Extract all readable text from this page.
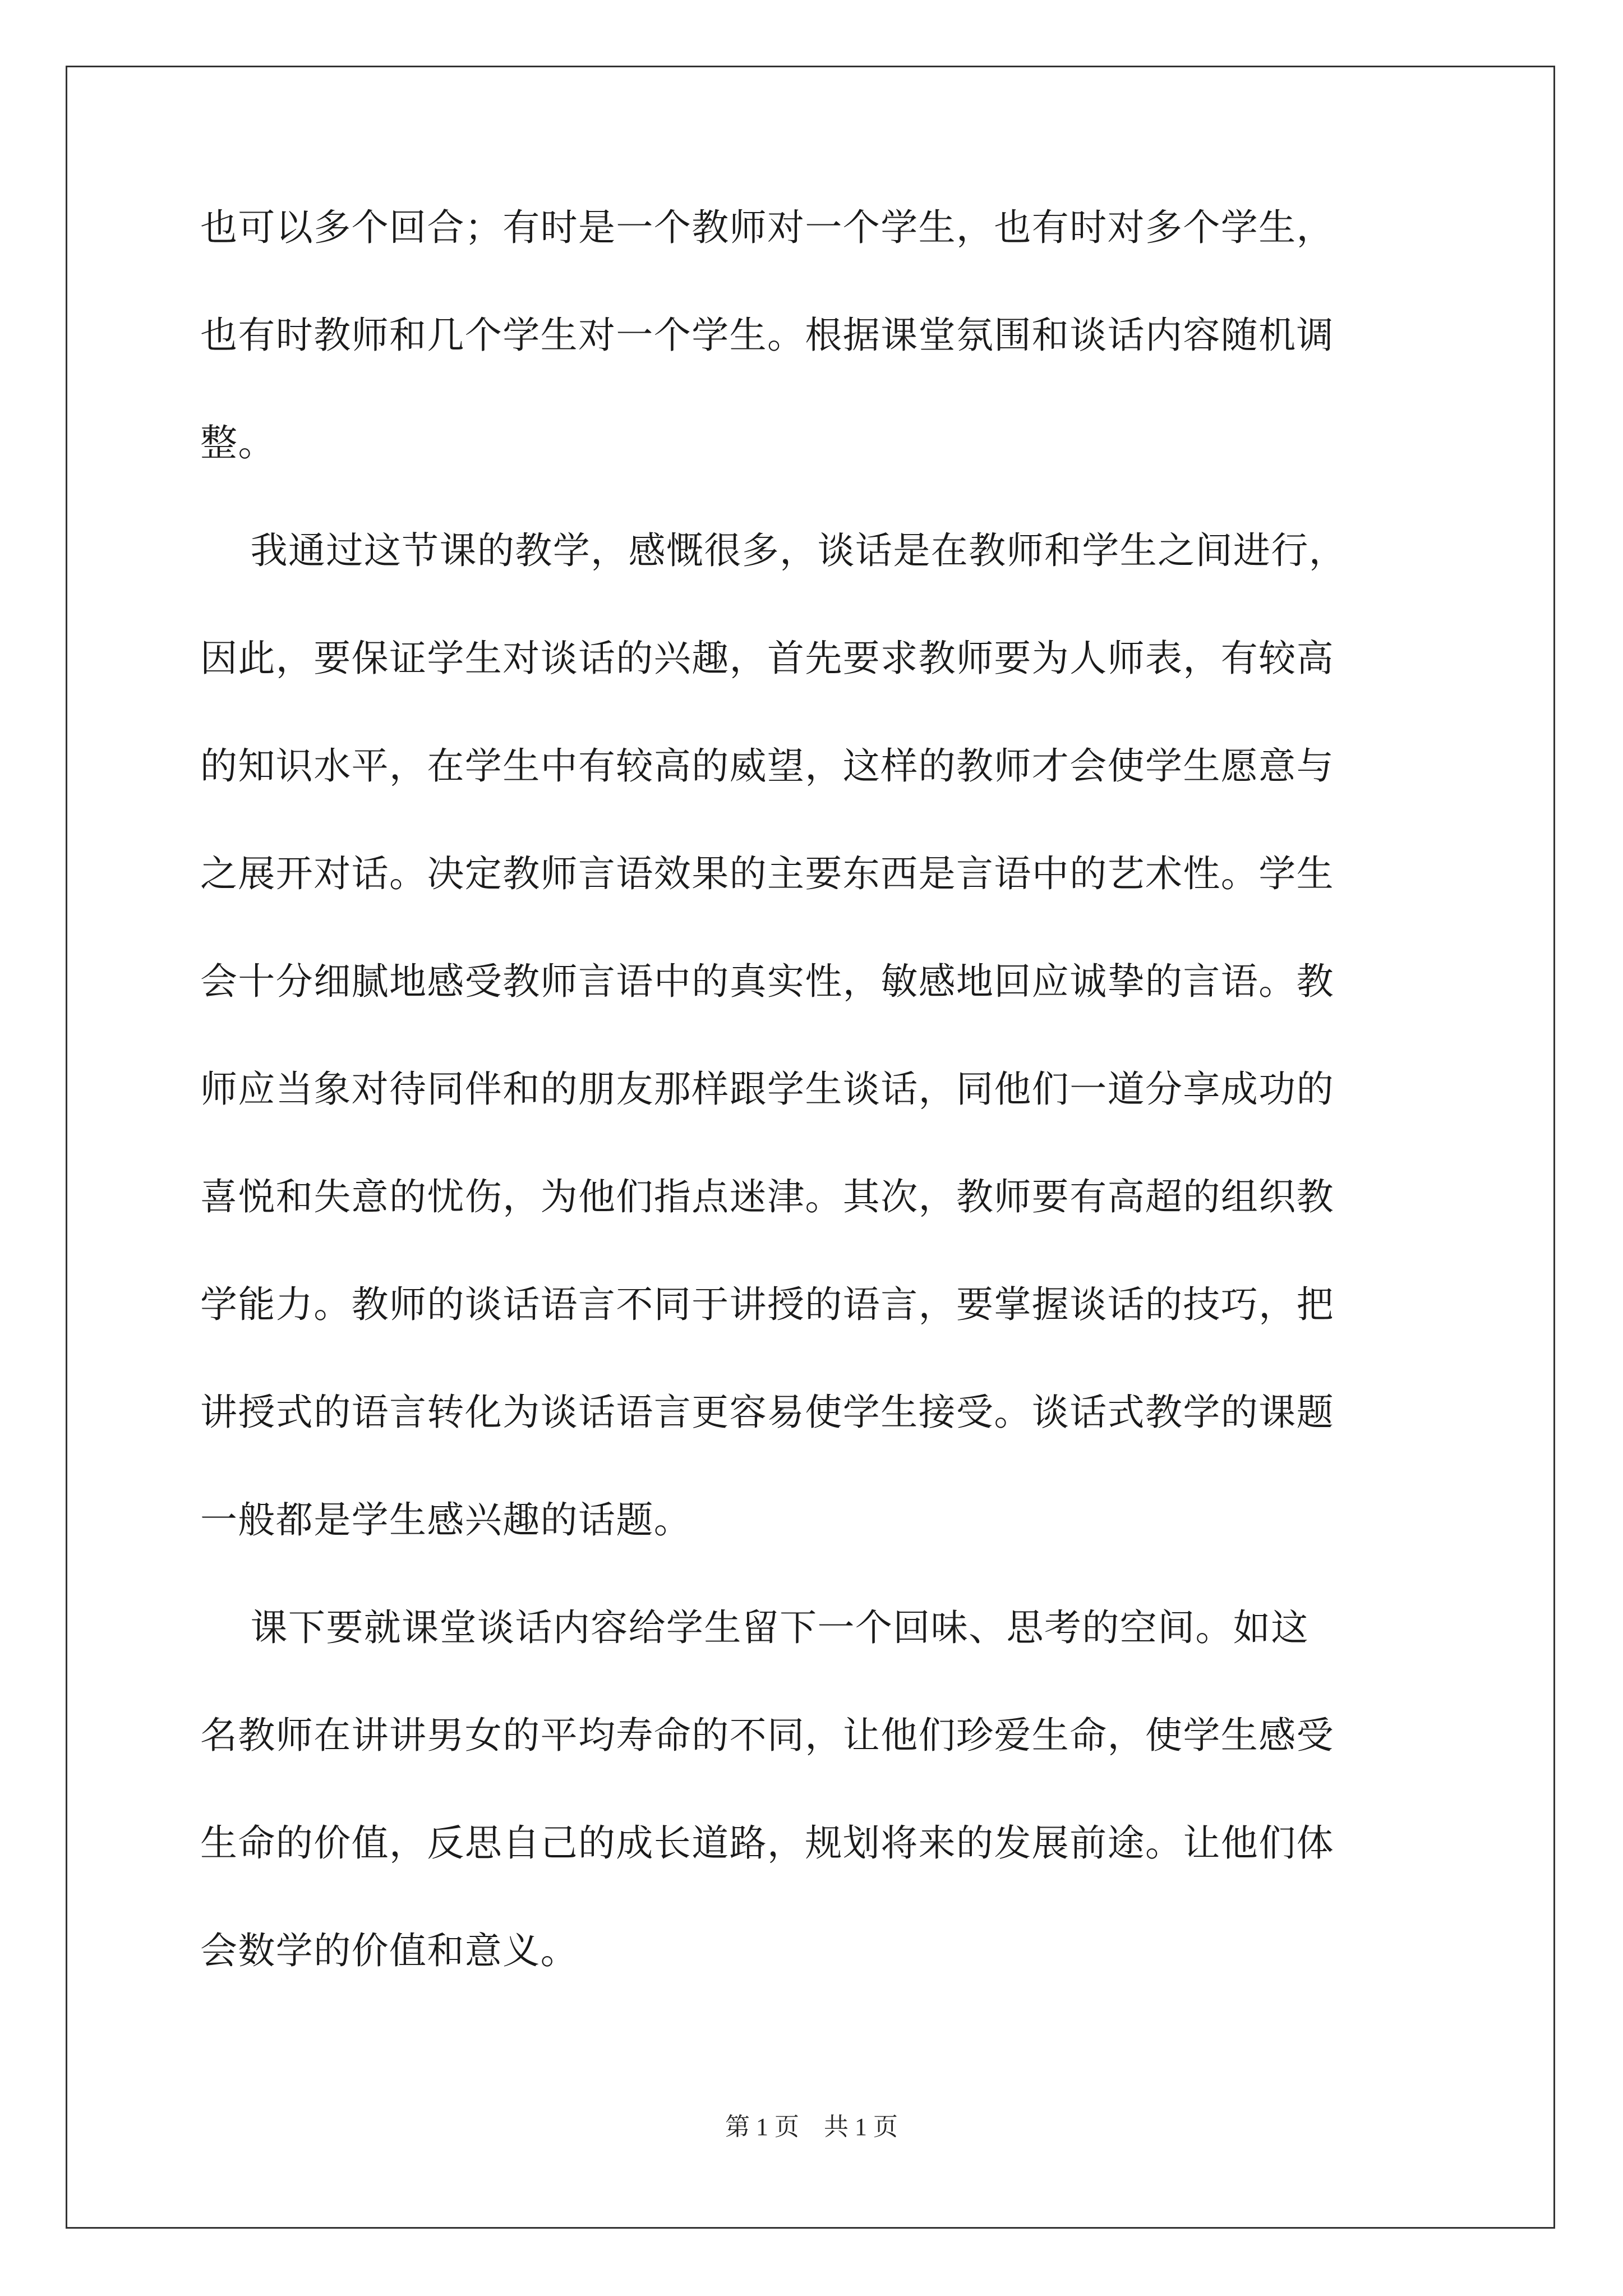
也可以多个回合；有时是一个教师对一个学生，也有时对多个学生，
也有时教师和几个学生对一个学生。根据课堂氛围和谈话内容随机调
整。
我通过这节课的教学，感慨很多，谈话是在教师和学生之间进行，
因此，要保证学生对谈话的兴趣，首先要求教师要为人师表，有较高
的知识水平，在学生中有较高的威望，这样的教师才会使学生愿意与
之展开对话。决定教师言语效果的主要东西是言语中的艺术性。学生
会十分细腻地感受教师言语中的真实性，敏感地回应诚挚的言语。教
师应当象对待同伴和的朋友那样跟学生谈话，同他们一道分享成功的
喜悦和失意的忧伤，为他们指点迷津。其次，教师要有高超的组织教
学能力。教师的谈话语言不同于讲授的语言，要掌握谈话的技巧，把
讲授式的语言转化为谈话语言更容易使学生接受。谈话式教学的课题
一般都是学生感兴趣的话题。
课下要就课堂谈话内容给学生留下一个回味、思考的空间。如这
名教师在讲讲男女的平均寿命的不同，让他们珍爱生命，使学生感受
生命的价值，反思自己的成长道路，规划将来的发展前途。让他们体
会数学的价值和意义。
第 1 页    共 1 页
